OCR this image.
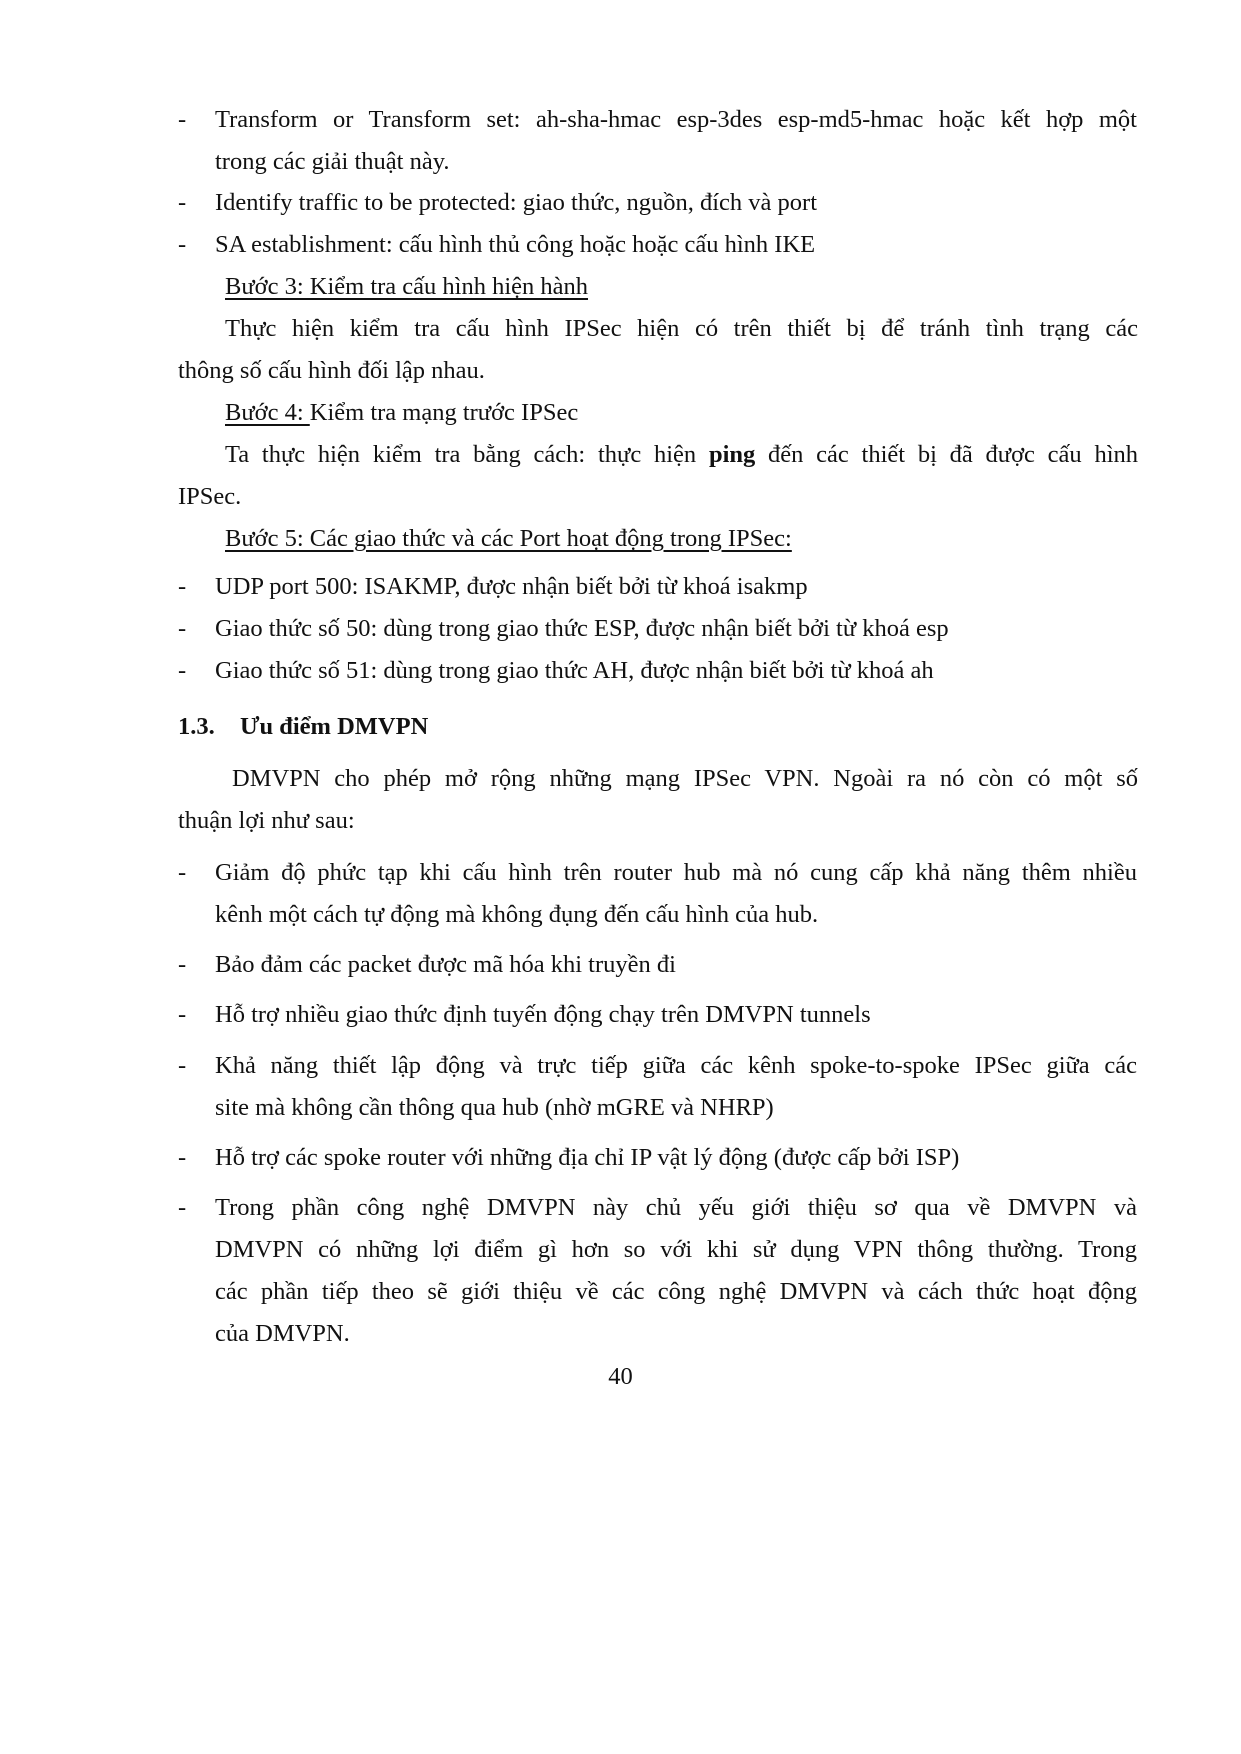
- Transform or Transform set: ah-sha-hmac esp-3des esp-md5-hmac hoặc kết hợp một
trong các giải thuật này.
- Identify traffic to be protected: giao thức, nguồn, đích và port
- SA establishment: cấu hình thủ công hoặc hoặc cấu hình IKE
Bước 3: Kiểm tra cấu hình hiện hành
Thực hiện kiểm tra cấu hình IPSec hiện có trên thiết bị để tránh tình trạng các
thông số cấu hình đối lập nhau.
Bước 4: Kiểm tra mạng trước IPSec
Ta thực hiện kiểm tra bằng cách: thực hiện ping đến các thiết bị đã được cấu hình
IPSec.
Bước 5: Các giao thức và các Port hoạt động trong IPSec:
- UDP port 500: ISAKMP, được nhận biết bởi từ khoá isakmp
- Giao thức số 50: dùng trong giao thức ESP, được nhận biết bởi từ khoá esp
- Giao thức số 51: dùng trong giao thức AH, được nhận biết bởi từ khoá ah
1.3. Ưu điểm DMVPN
DMVPN cho phép mở rộng những mạng IPSec VPN. Ngoài ra nó còn có một số
thuận lợi như sau:
- Giảm độ phức tạp khi cấu hình trên router hub mà nó cung cấp khả năng thêm nhiều
kênh một cách tự động mà không đụng đến cấu hình của hub.
- Bảo đảm các packet được mã hóa khi truyền đi
- Hỗ trợ nhiều giao thức định tuyến động chạy trên DMVPN tunnels
- Khả năng thiết lập động và trực tiếp giữa các kênh spoke-to-spoke IPSec giữa các
site mà không cần thông qua hub (nhờ mGRE và NHRP)
- Hỗ trợ các spoke router với những địa chỉ IP vật lý động (được cấp bởi ISP)
- Trong phần công nghệ DMVPN này chủ yếu giới thiệu sơ qua về DMVPN và
DMVPN có những lợi điểm gì hơn so với khi sử dụng VPN thông thường. Trong
các phần tiếp theo sẽ giới thiệu về các công nghệ DMVPN và cách thức hoạt động
của DMVPN.
40
